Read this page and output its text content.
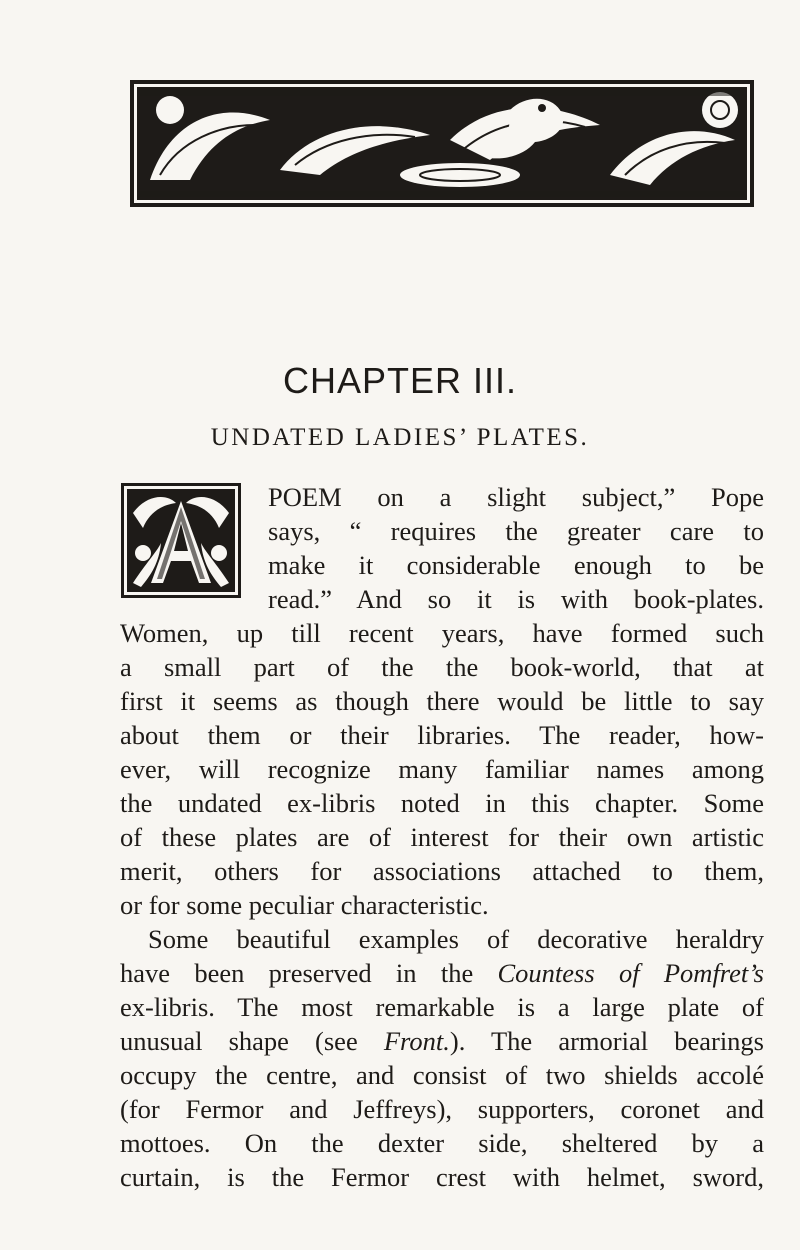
CHAPTER III.
UNDATED LADIES’ PLATES.
POEM on a slight subject,” Pope
says, “ requires the greater care to
make it considerable enough to be
read.” And so it is with book-plates.
Women, up till recent years, have formed such
a small part of the the book-world, that at
first it seems as though there would be little to say
about them or their libraries. The reader, how-
ever, will recognize many familiar names among
the undated ex-libris noted in this chapter. Some
of these plates are of interest for their own artistic
merit, others for associations attached to them,
or for some peculiar characteristic.
Some beautiful examples of decorative heraldry
have been preserved in the Countess of Pomfret’s
ex-libris. The most remarkable is a large plate of
unusual shape (see Front.). The armorial bearings
occupy the centre, and consist of two shields accolé
(for Fermor and Jeffreys), supporters, coronet and
mottoes. On the dexter side, sheltered by a
curtain, is the Fermor crest with helmet, sword,
